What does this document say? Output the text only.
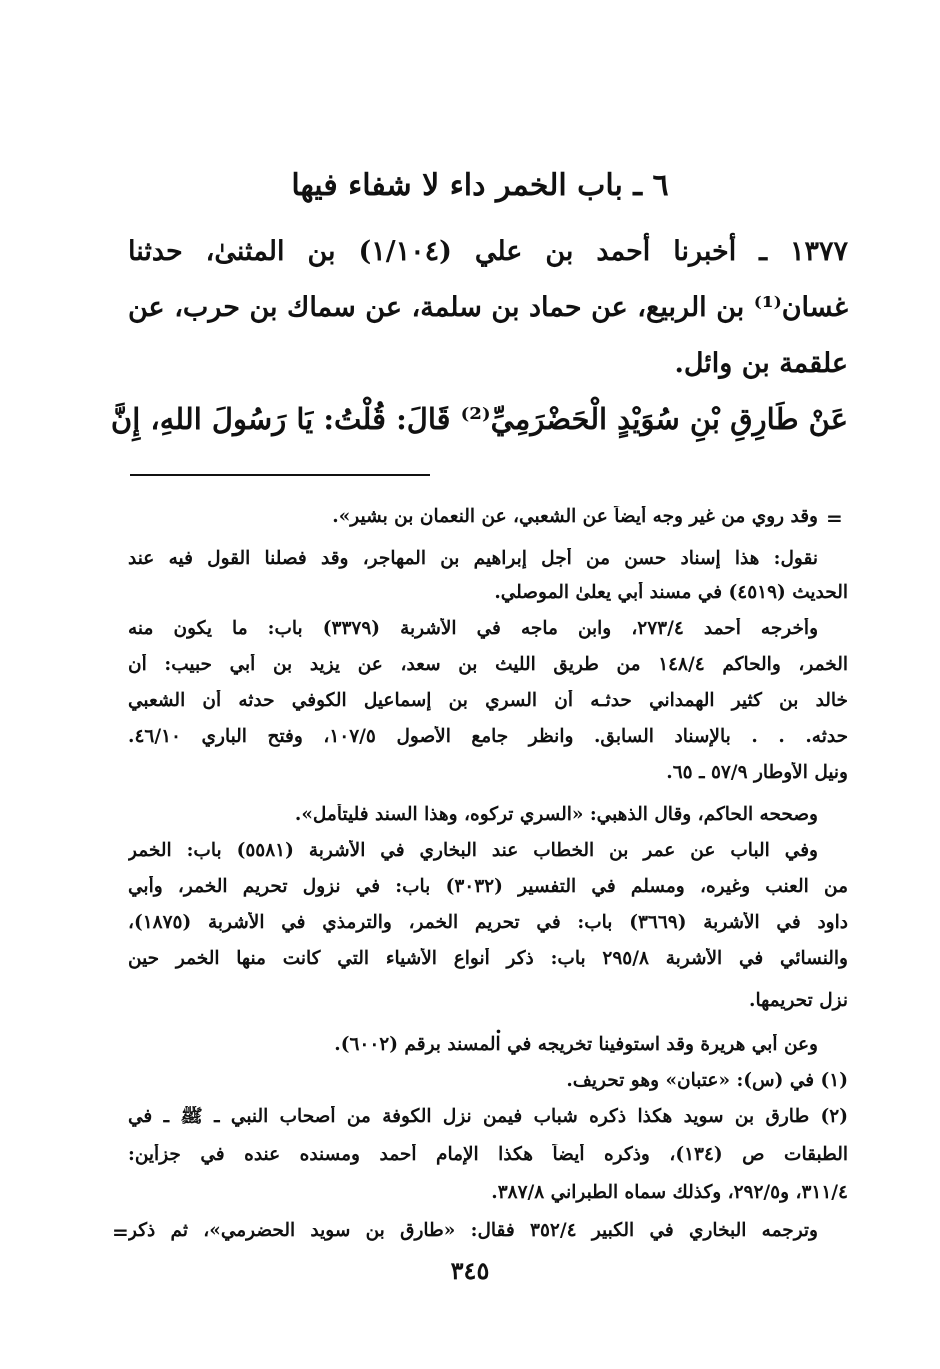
٦ ـ باب الخمر داء لا شفاء فيها
١٣٧٧ ـ أخبرنا أحمد بن علي (١/١٠٤) بن المثنىٰ، حدثنا
غسان⁽¹⁾ بن الربيع، عن حماد بن سلمة، عن سماك بن حرب، عن
علقمة بن وائل.
عَنْ طَارِقِ بْنِ سُوَيْدٍ الْحَضْرَمِيِّ⁽²⁾ قَالَ: قُلْتُ: يَا رَسُولَ اللهِ، إِنَّ
=
وقد روي من غير وجه أيضاً عن الشعبي، عن النعمان بن بشير».
نقول: هذا إسناد حسن من أجل إبراهيم بن المهاجر، وقد فصلنا القول فيه عند
الحديث (٤٥١٩) في مسند أبي يعلىٰ الموصلي.
وأخرجه أحمد ٢٧٣/٤، وابن ماجه في الأشربة (٣٣٧٩) باب: ما يكون منه
الخمر، والحاكم ١٤٨/٤ من طريق الليث بن سعد، عن يزيد بن أبي حبيب: أن
خالد بن كثير الهمداني حدثـه أن السري بن إسماعيل الكوفي حدثه أن الشعبي
حدثه. . . بالإسناد السابق. وانظر جامع الأصول ١٠٧/٥، وفتح الباري ٤٦/١٠.
ونيل الأوطار ٥٧/٩ ـ ٦٥.
وصححه الحاكم، وقال الذهبي: «السري تركوه، وهذا السند فليتأمل».
وفي الباب عن عمر بن الخطاب عند البخاري في الأشربة (٥٥٨١) باب: الخمر
من العنب وغيره، ومسلم في التفسير (٣٠٣٢) باب: في نزول تحريم الخمر، وأبي
داود في الأشربة (٣٦٦٩) باب: في تحريم الخمر، والترمذي في الأشربة (١٨٧٥)،
والنسائي في الأشربة ٢٩٥/٨ باب: ذكر أنواع الأشياء التي كانت منها الخمر حين
نزل تحريمها.
.
وعن أبي هريرة وقد استوفينا تخريجه في المسند برقم (٦٠٠٢).
(١) في (س): «عتبان» وهو تحريف.
(٢) طارق بن سويد هكذا ذكره شباب فيمن نزل الكوفة من أصحاب النبي ـ ﷺ ـ في
الطبقات ص (١٣٤)، وذكره أيضاً هكذا الإمام أحمد ومسنده عنده في جزأين:
٣١١/٤، و٢٩٢/٥، وكذلك سماه الطبراني ٣٨٧/٨.
وترجمه البخاري في الكبير ٣٥٢/٤ فقال: «طارق بن سويد الحضرمي»، ثم ذكر
=
٣٤٥
